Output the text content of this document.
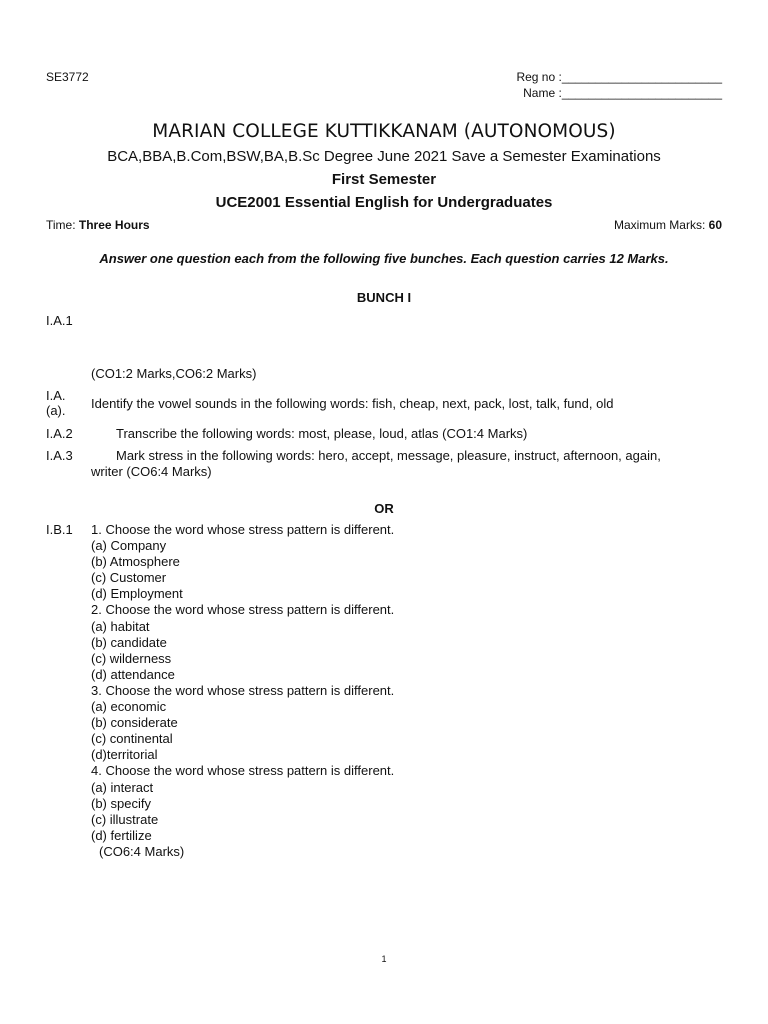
SE3772	Reg no :________________________
Name :________________________
MARIAN COLLEGE KUTTIKKANAM (AUTONOMOUS)
BCA,BBA,B.Com,BSW,BA,B.Sc Degree June 2021 Save a Semester Examinations
First Semester
UCE2001 Essential English for Undergraduates
Time: Three Hours	Maximum Marks: 60
Answer one question each from the following five bunches. Each question carries 12 Marks.
BUNCH I
I.A.1
(CO1:2 Marks,CO6:2 Marks)
I.A.
(a). Identify the vowel sounds in the following words: fish, cheap, next, pack, lost, talk, fund, old
I.A.2	Transcribe the following words: most, please, loud, atlas (CO1:4 Marks)
I.A.3	Mark stress in the following words: hero, accept, message, pleasure, instruct, afternoon, again,
writer (CO6:4 Marks)
OR
I.B.1 1. Choose the word whose stress pattern is different.
(a) Company
(b) Atmosphere
(c) Customer
(d) Employment
2. Choose the word whose stress pattern is different.
(a) habitat
(b) candidate
(c) wilderness
(d) attendance
3. Choose the word whose stress pattern is different.
(a) economic
(b) considerate
(c) continental
(d)territorial
4. Choose the word whose stress pattern is different.
(a) interact
(b) specify
(c) illustrate
(d) fertilize
(CO6:4 Marks)
1
